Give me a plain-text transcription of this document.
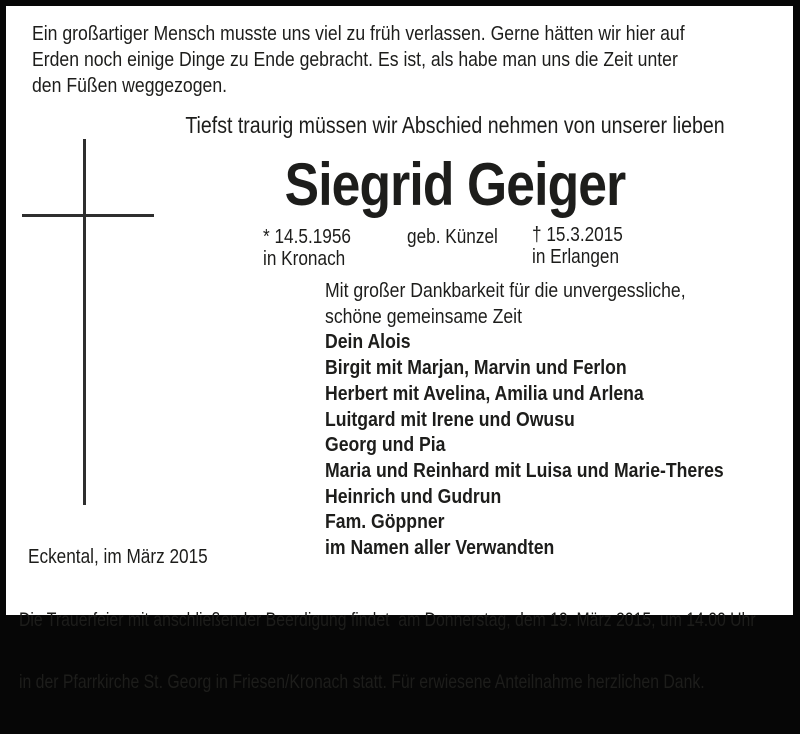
Ein großartiger Mensch musste uns viel zu früh verlassen. Gerne hätten wir hier auf
Erden noch einige Dinge zu Ende gebracht. Es ist, als habe man uns die Zeit unter
den Füßen weggezogen.
Tiefst traurig müssen wir Abschied nehmen von unserer lieben
Siegrid Geiger
* 14.5.1956
in Kronach
geb. Künzel † 15.3.2015
in Erlangen
Mit großer Dankbarkeit für die unvergessliche,
schöne gemeinsame Zeit
Dein Alois
Birgit mit Marjan, Marvin und Ferlon
Herbert mit Avelina, Amilia und Arlena
Luitgard mit Irene und Owusu
Georg und Pia
Maria und Reinhard mit Luisa und Marie-Theres
Heinrich und Gudrun
Fam. Göppner
im Namen aller Verwandten
Eckental, im März 2015

Die Trauerfeier mit anschließender Beerdigung findet  am Donnerstag, dem 19. März 2015, um 14.00 Uhr

in der Pfarrkirche St. Georg in Friesen/Kronach statt. Für erwiesene Anteilnahme herzlichen Dank.
